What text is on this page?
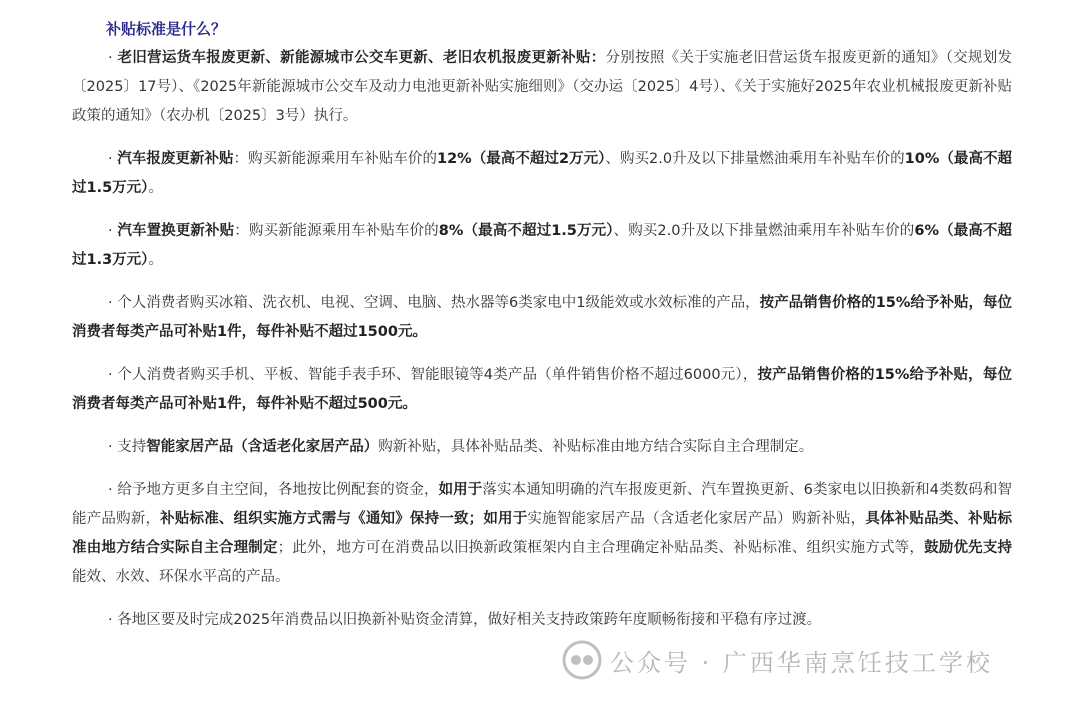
补贴标准是什么？

· 老旧营运货车报废更新、新能源城市公交车更新、老旧农机报废更新补贴：分别按照《关于实施老旧营运货车报废更新的通知》（交规划发〔2025〕17号）、《2025年新能源城市公交车及动力电池更新补贴实施细则》（交办运〔2025〕4号）、《关于实施好2025年农业机械报废更新补贴政策的通知》（农办机〔2025〕3号）执行。

· 汽车报废更新补贴：购买新能源乘用车补贴车价的12%（最高不超过2万元）、购买2.0升及以下排量燃油乘用车补贴车价的10%（最高不超过1.5万元）。

· 汽车置换更新补贴：购买新能源乘用车补贴车价的8%（最高不超过1.5万元）、购买2.0升及以下排量燃油乘用车补贴车价的6%（最高不超过1.3万元）。

· 个人消费者购买冰箱、洗衣机、电视、空调、电脑、热水器等6类家电中1级能效或水效标准的产品，按产品销售价格的15%给予补贴，每位消费者每类产品可补贴1件，每件补贴不超过1500元。

· 个人消费者购买手机、平板、智能手表手环、智能眼镜等4类产品（单件销售价格不超过6000元），按产品销售价格的15%给予补贴，每位消费者每类产品可补贴1件，每件补贴不超过500元。

· 支持智能家居产品（含适老化家居产品）购新补贴，具体补贴品类、补贴标准由地方结合实际自主合理制定。

· 给予地方更多自主空间，各地按比例配套的资金，如用于落实本通知明确的汽车报废更新、汽车置换更新、6类家电以旧换新和4类数码和智能产品购新，补贴标准、组织实施方式需与《通知》保持一致；如用于实施智能家居产品（含适老化家居产品）购新补贴，具体补贴品类、补贴标准由地方结合实际自主合理制定；此外，地方可在消费品以旧换新政策框架内自主合理确定补贴品类、补贴标准、组织实施方式等，鼓励优先支持能效、水效、环保水平高的产品。

· 各地区要及时完成2025年消费品以旧换新补贴资金清算，做好相关支持政策跨年度顺畅衔接和平稳有序过渡。

公众号 · 广西华南烹饪技工学校
